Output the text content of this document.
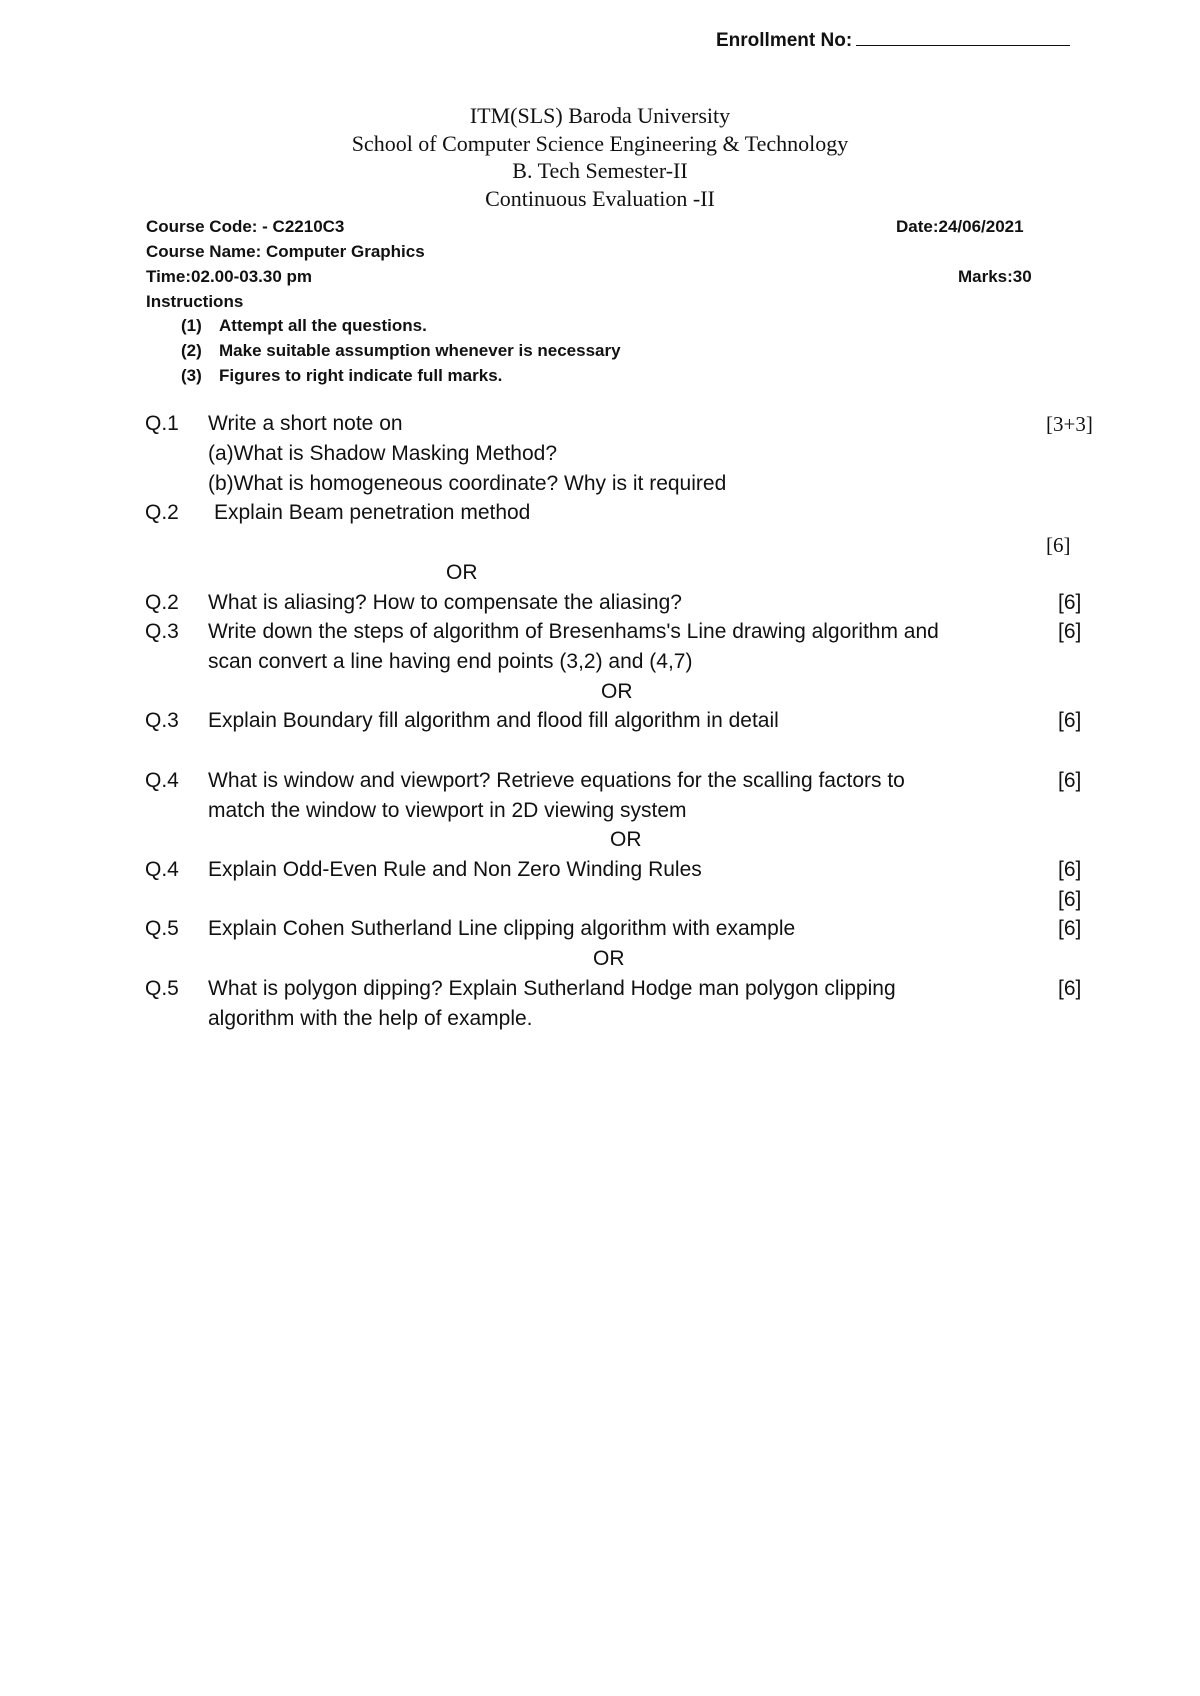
Enrollment No:
ITM(SLS) Baroda University
School of Computer Science Engineering & Technology
B. Tech Semester-II
Continuous Evaluation -II
Course Code: - C2210C3	Date:24/06/2021
Course Name: Computer Graphics
Time:02.00-03.30 pm	Marks:30
Instructions
(1) Attempt all the questions.
(2) Make suitable assumption whenever is necessary
(3) Figures to right indicate full marks.
Q.1 Write a short note on	[3+3]
(a)What is Shadow Masking Method?
(b)What is homogeneous coordinate? Why is it required
Q.2 Explain Beam penetration method
[6]
OR
Q.2 What is aliasing? How to compensate the aliasing?	[6]
Q.3 Write down the steps of algorithm of Bresenhams's Line drawing algorithm and	[6]
scan convert a line having end points (3,2) and (4,7)
OR
Q.3 Explain Boundary fill algorithm and flood fill algorithm in detail	[6]
Q.4 What is window and viewport? Retrieve equations for the scalling factors to	[6]
match the window to viewport in 2D viewing system
OR
Q.4 Explain Odd-Even Rule and Non Zero Winding Rules	[6]
[6]
Q.5 Explain Cohen Sutherland Line clipping algorithm with example	[6]
OR
Q.5 What is polygon dipping? Explain Sutherland Hodge man polygon clipping	[6]
algorithm with the help of example.
